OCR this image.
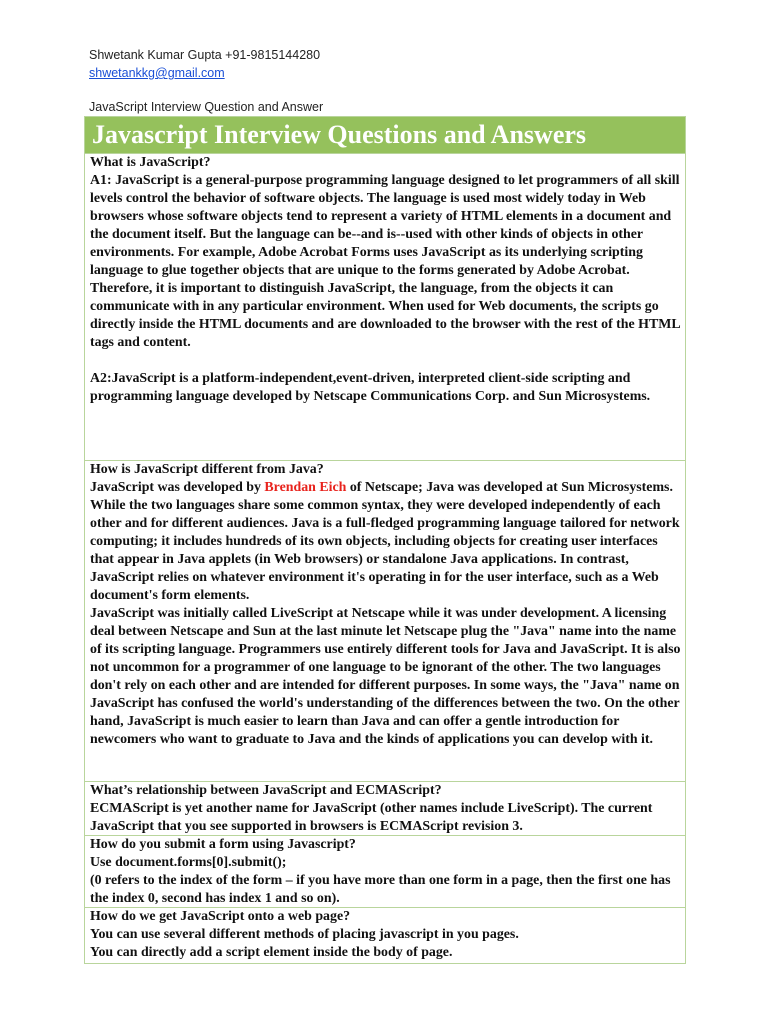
Shwetank Kumar Gupta +91-9815144280
shwetankkg@gmail.com
JavaScript Interview Question and Answer
Javascript Interview Questions and Answers
What is JavaScript?

A1: JavaScript is a general-purpose programming language designed to let programmers of all skill levels control the behavior of software objects. The language is used most widely today in Web browsers whose software objects tend to represent a variety of HTML elements in a document and the document itself. But the language can be--and is--used with other kinds of objects in other environments. For example, Adobe Acrobat Forms uses JavaScript as its underlying scripting language to glue together objects that are unique to the forms generated by Adobe Acrobat. Therefore, it is important to distinguish JavaScript, the language, from the objects it can communicate with in any particular environment. When used for Web documents, the scripts go directly inside the HTML documents and are downloaded to the browser with the rest of the HTML tags and content.

A2:JavaScript is a platform-independent,event-driven, interpreted client-side scripting and programming language developed by Netscape Communications Corp. and Sun Microsystems.

How is JavaScript different from Java?

JavaScript was developed by Brendan Eich of Netscape; Java was developed at Sun Microsystems. While the two languages share some common syntax, they were developed independently of each other and for different audiences. Java is a full-fledged programming language tailored for network computing; it includes hundreds of its own objects, including objects for creating user interfaces that appear in Java applets (in Web browsers) or standalone Java applications. In contrast, JavaScript relies on whatever environment it's operating in for the user interface, such as a Web document's form elements.

JavaScript was initially called LiveScript at Netscape while it was under development. A licensing deal between Netscape and Sun at the last minute let Netscape plug the "Java" name into the name of its scripting language. Programmers use entirely different tools for Java and JavaScript. It is also not uncommon for a programmer of one language to be ignorant of the other. The two languages don't rely on each other and are intended for different purposes. In some ways, the "Java" name on JavaScript has confused the world's understanding of the differences between the two. On the other hand, JavaScript is much easier to learn than Java and can offer a gentle introduction for newcomers who want to graduate to Java and the kinds of applications you can develop with it.

What’s relationship between JavaScript and ECMAScript?

ECMAScript is yet another name for JavaScript (other names include LiveScript). The current JavaScript that you see supported in browsers is ECMAScript revision 3.

How do you submit a form using Javascript?

Use document.forms[0].submit();

(0 refers to the index of the form – if you have more than one form in a page, then the first one has the index 0, second has index 1 and so on).

How do we get JavaScript onto a web page?

You can use several different methods of placing javascript in you pages.

You can directly add a script element inside the body of page.
